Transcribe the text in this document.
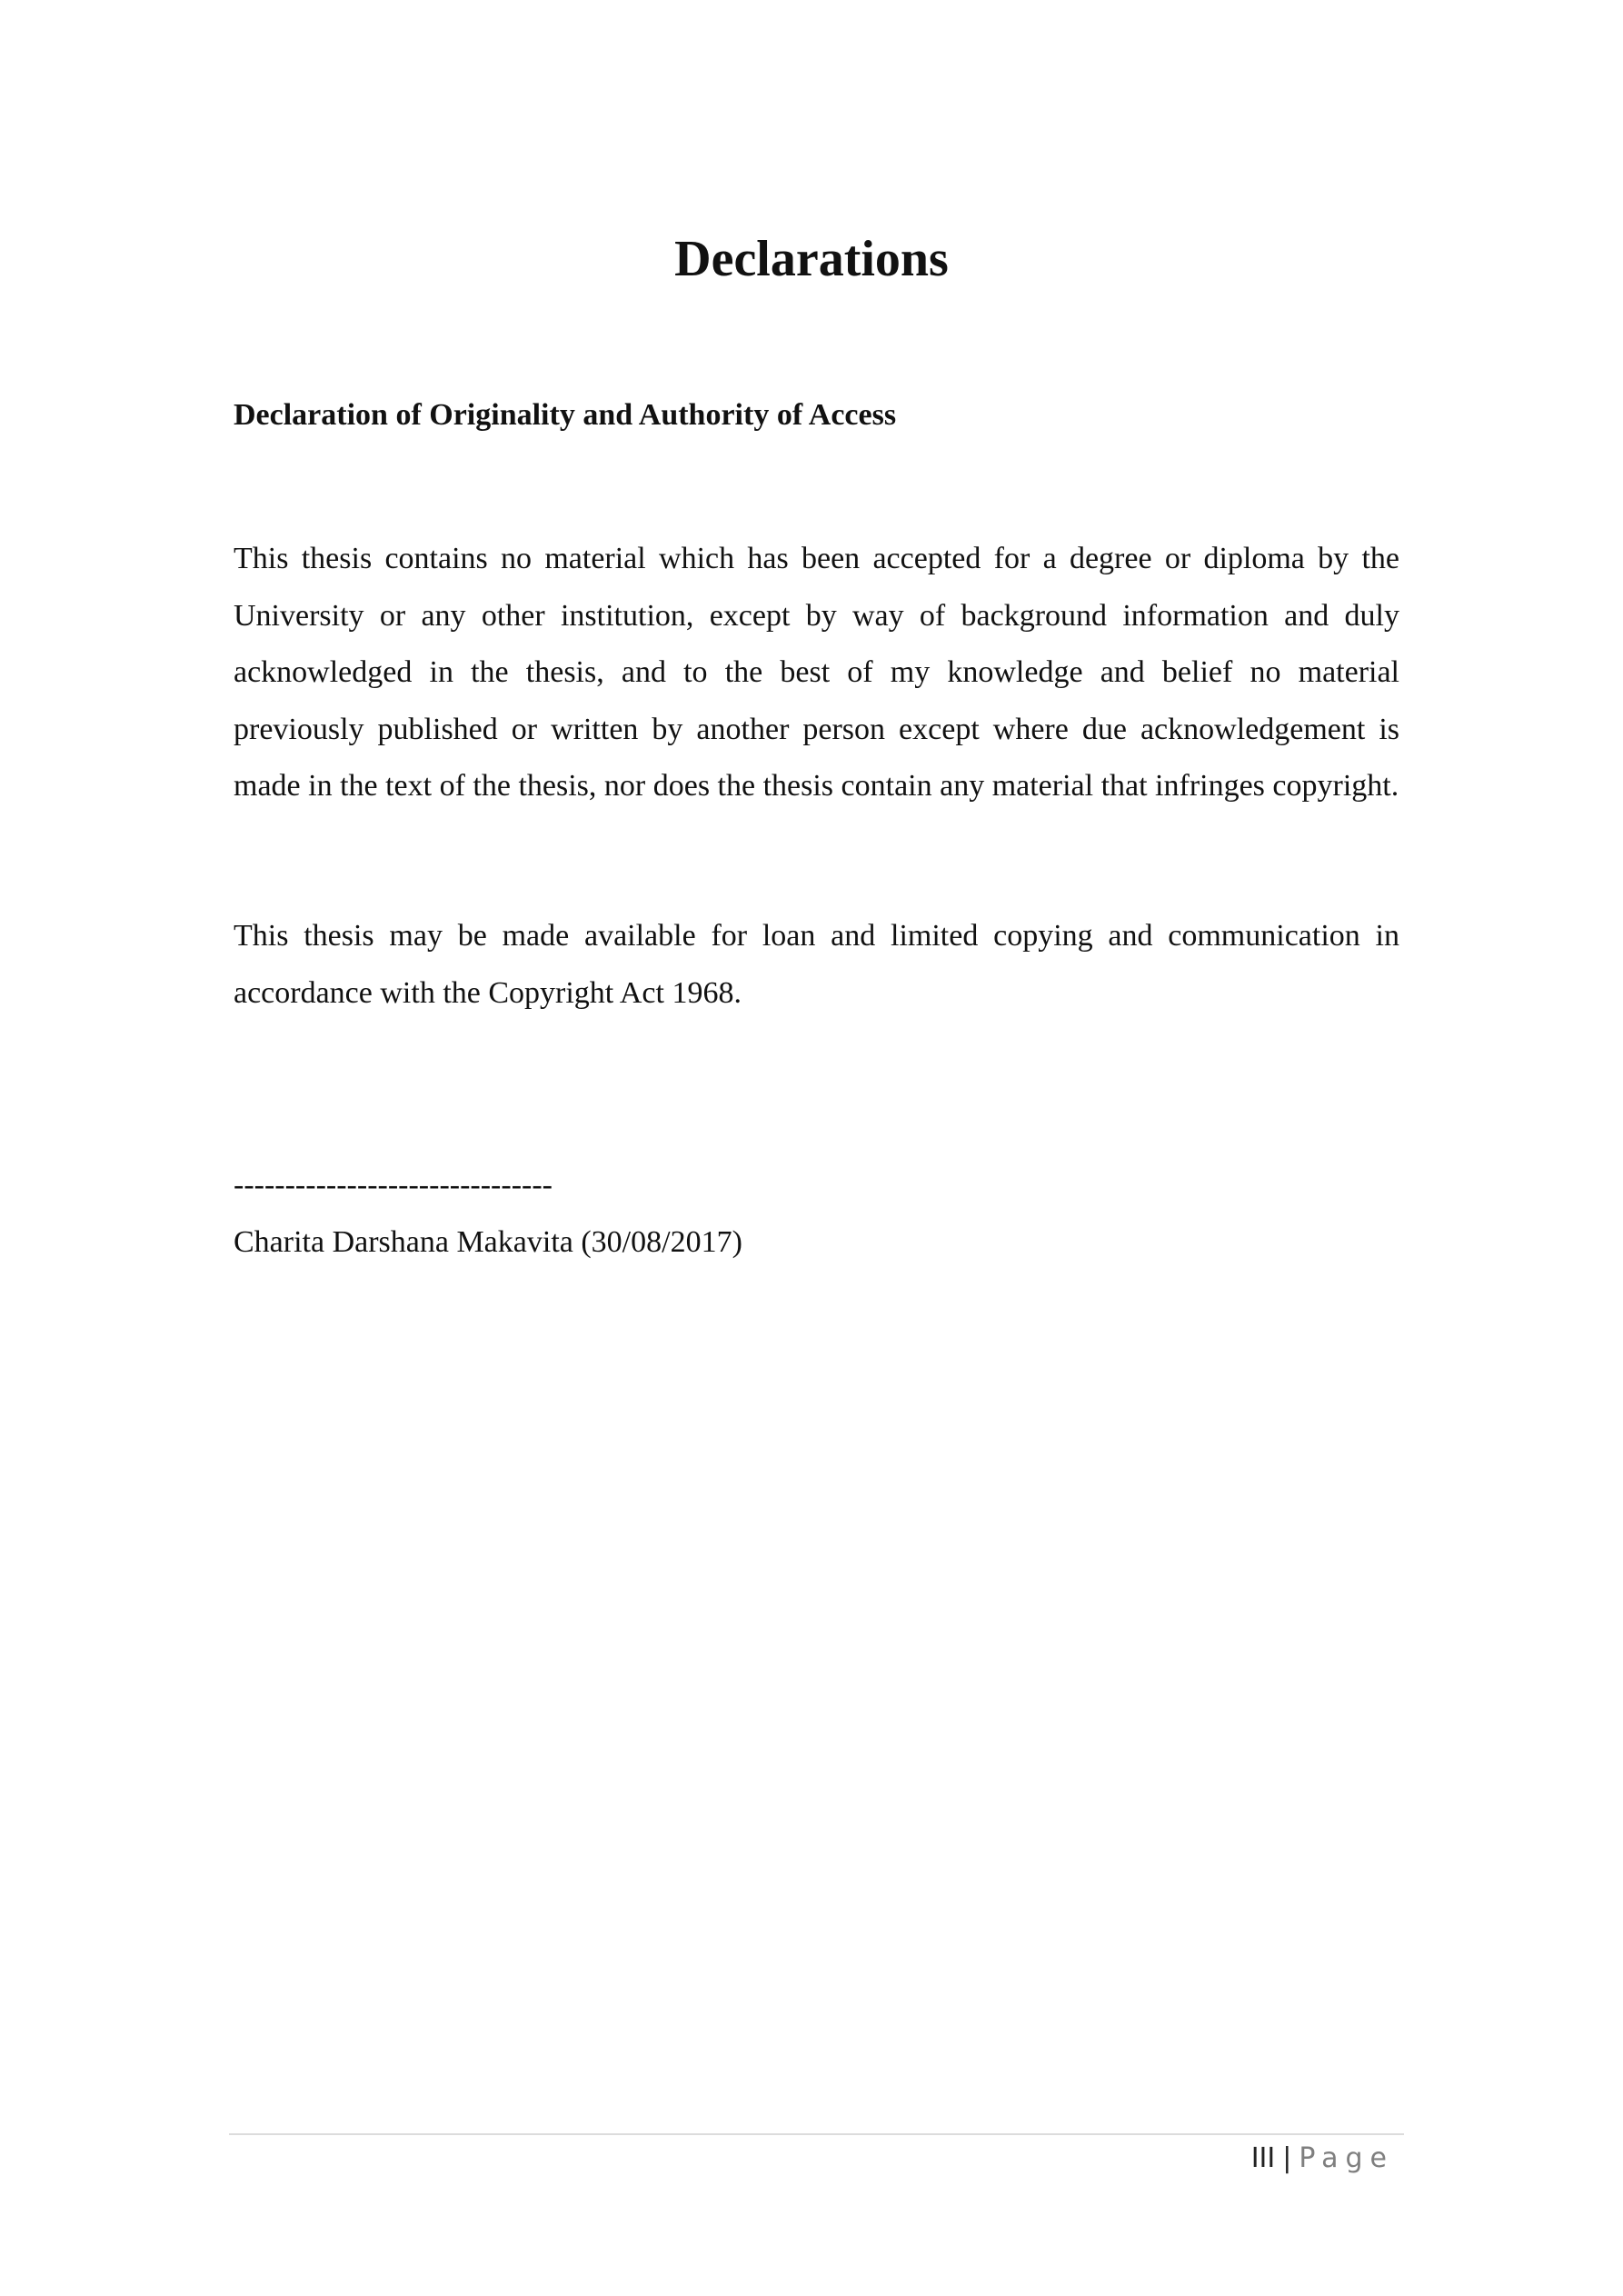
Declarations
Declaration of Originality and Authority of Access

This thesis contains no material which has been accepted for a degree or diploma by the University or any other institution, except by way of background information and duly acknowledged in the thesis, and to the best of my knowledge and belief no material previously published or written by another person except where due acknowledgement is made in the text of the thesis, nor does the thesis contain any material that infringes copyright.

This thesis may be made available for loan and limited copying and communication in accordance with the Copyright Act 1968.

-------------------------------

Charita Darshana Makavita (30/08/2017)

III | Page
